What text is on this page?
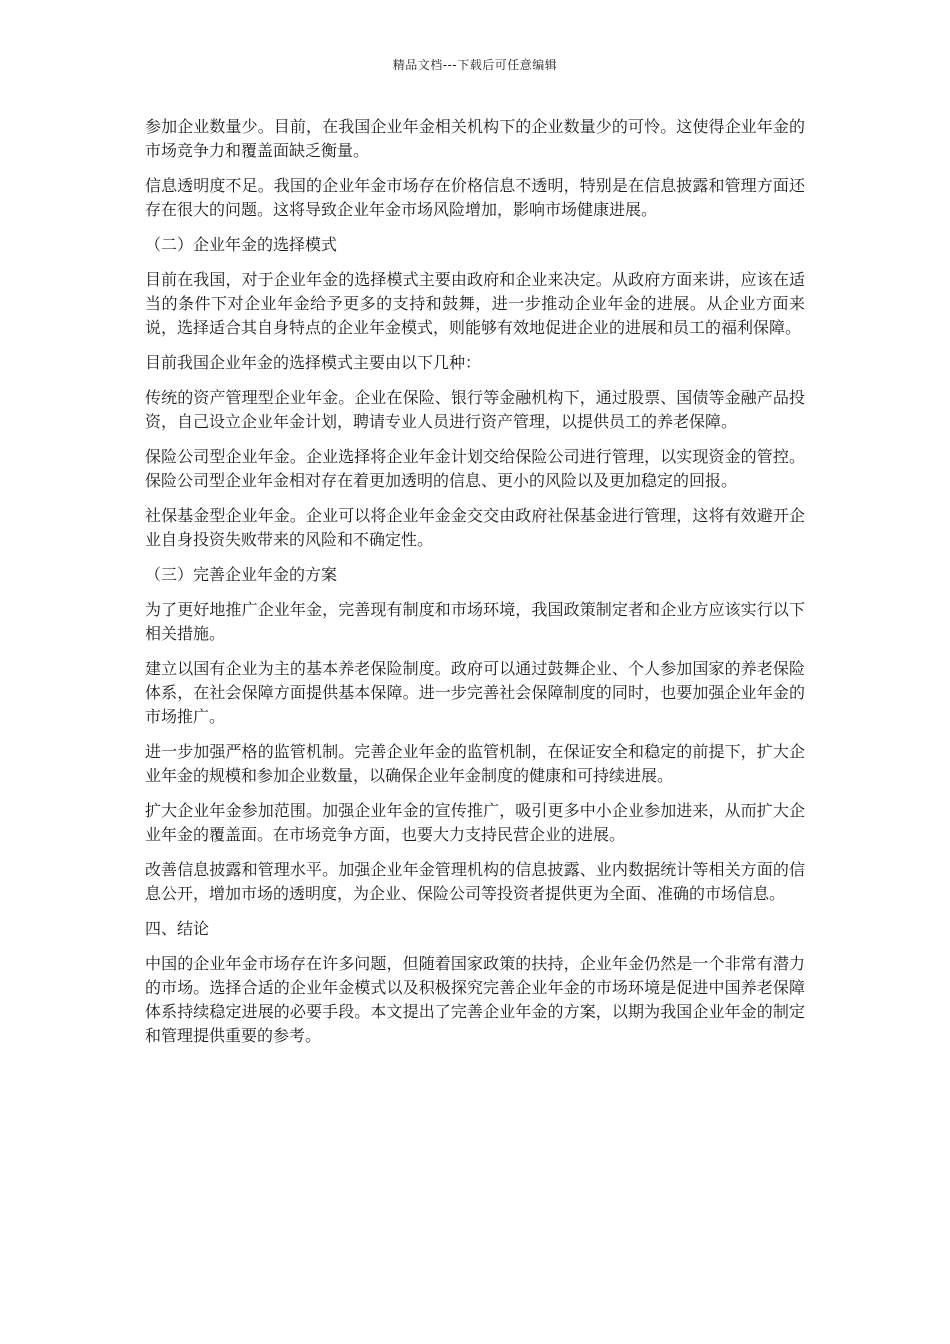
精品文档---下载后可任意编辑

参加企业数量少。目前，在我国企业年金相关机构下的企业数量少的可怜。这使得企业年金的市场竞争力和覆盖面缺乏衡量。

信息透明度不足。我国的企业年金市场存在价格信息不透明，特别是在信息披露和管理方面还存在很大的问题。这将导致企业年金市场风险增加，影响市场健康进展。

（二）企业年金的选择模式

目前在我国，对于企业年金的选择模式主要由政府和企业来决定。从政府方面来讲，应该在适当的条件下对企业年金给予更多的支持和鼓舞，进一步推动企业年金的进展。从企业方面来说，选择适合其自身特点的企业年金模式，则能够有效地促进企业的进展和员工的福利保障。

目前我国企业年金的选择模式主要由以下几种：

传统的资产管理型企业年金。企业在保险、银行等金融机构下，通过股票、国债等金融产品投资，自己设立企业年金计划，聘请专业人员进行资产管理，以提供员工的养老保障。

保险公司型企业年金。企业选择将企业年金计划交给保险公司进行管理，以实现资金的管控。保险公司型企业年金相对存在着更加透明的信息、更小的风险以及更加稳定的回报。

社保基金型企业年金。企业可以将企业年金金交交由政府社保基金进行管理，这将有效避开企业自身投资失败带来的风险和不确定性。

（三）完善企业年金的方案

为了更好地推广企业年金，完善现有制度和市场环境，我国政策制定者和企业方应该实行以下相关措施。

建立以国有企业为主的基本养老保险制度。政府可以通过鼓舞企业、个人参加国家的养老保险体系，在社会保障方面提供基本保障。进一步完善社会保障制度的同时，也要加强企业年金的市场推广。

进一步加强严格的监管机制。完善企业年金的监管机制，在保证安全和稳定的前提下，扩大企业年金的规模和参加企业数量，以确保企业年金制度的健康和可持续进展。

扩大企业年金参加范围。加强企业年金的宣传推广，吸引更多中小企业参加进来，从而扩大企业年金的覆盖面。在市场竞争方面，也要大力支持民营企业的进展。

改善信息披露和管理水平。加强企业年金管理机构的信息披露、业内数据统计等相关方面的信息公开，增加市场的透明度，为企业、保险公司等投资者提供更为全面、准确的市场信息。

四、结论

中国的企业年金市场存在许多问题，但随着国家政策的扶持，企业年金仍然是一个非常有潜力的市场。选择合适的企业年金模式以及积极探究完善企业年金的市场环境是促进中国养老保障体系持续稳定进展的必要手段。本文提出了完善企业年金的方案，以期为我国企业年金的制定和管理提供重要的参考。
